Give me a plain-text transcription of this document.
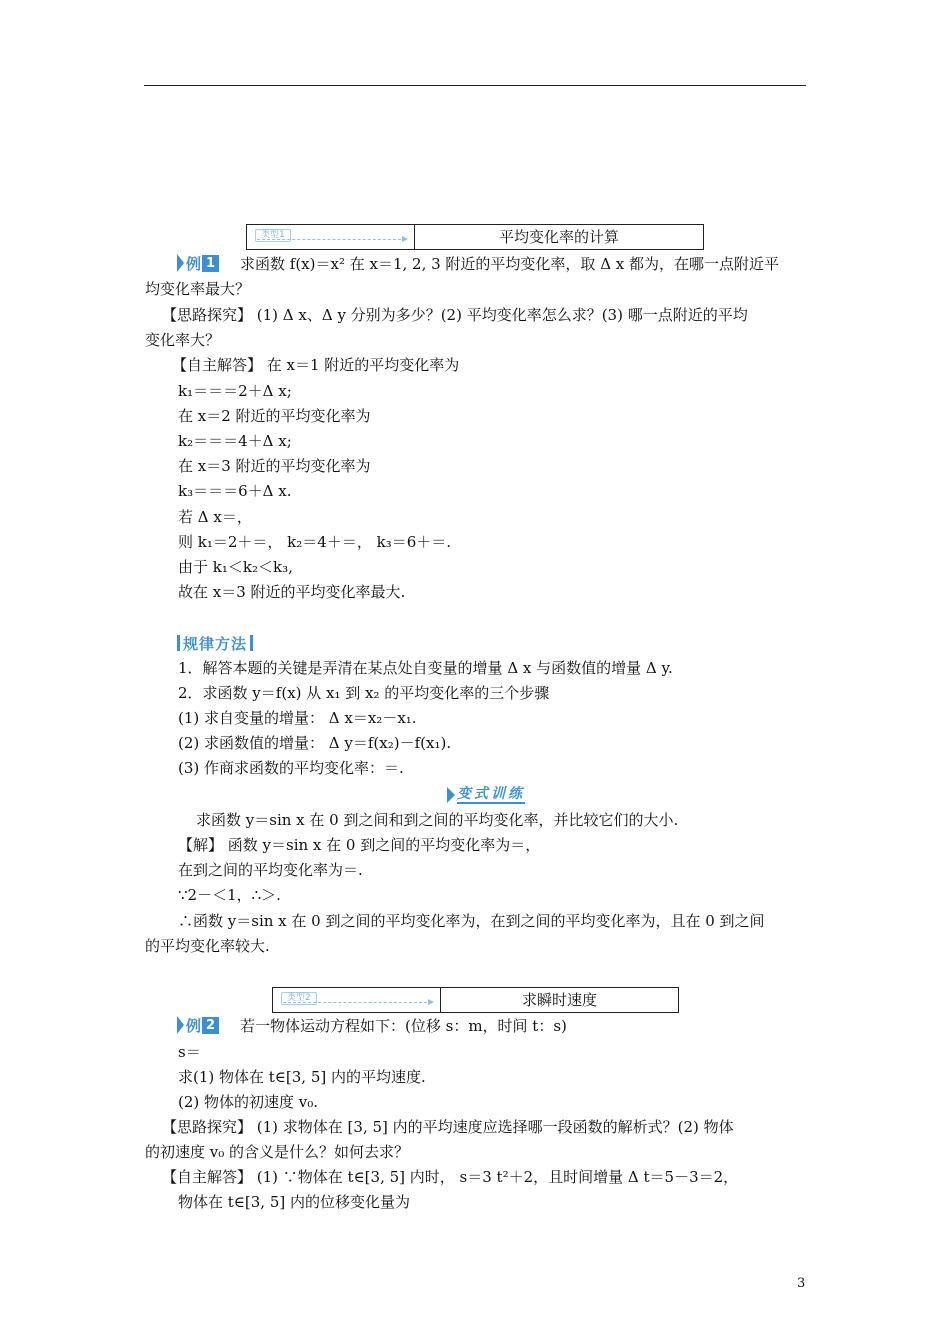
类型1	平均变化率的计算
例 1 求函数 f(x)＝x² 在 x＝1, 2, 3 附近的平均变化率，取 Δ x 都为，在哪一点附近平
均变化率最大？
【思路探究】 (1) Δ x、Δ y 分别为多少？(2) 平均变化率怎么求？(3) 哪一点附近的平均
变化率大？
【自主解答】 在 x＝1 附近的平均变化率为
k₁＝＝＝2＋Δ x;
在 x＝2 附近的平均变化率为
k₂＝＝＝4＋Δ x;
在 x＝3 附近的平均变化率为
k₃＝＝＝6＋Δ x.
若 Δ x＝，
则 k₁＝2＋＝， k₂＝4＋＝， k₃＝6＋＝.
由于 k₁＜k₂＜k₃,
故在 x＝3 附近的平均变化率最大.
规律方法
1．解答本题的关键是弄清在某点处自变量的增量 Δ x 与函数值的增量 Δ y.
2．求函数 y＝f(x) 从 x₁ 到 x₂ 的平均变化率的三个步骤
(1) 求自变量的增量： Δ x＝x₂－x₁.
(2) 求函数值的增量： Δ y＝f(x₂)－f(x₁).
(3) 作商求函数的平均变化率：＝.
变式训练
求函数 y＝sin x 在 0 到之间和到之间的平均变化率，并比较它们的大小.
【解】 函数 y＝sin x 在 0 到之间的平均变化率为＝，
在到之间的平均变化率为＝.
∵2－＜1，∴＞.
∴函数 y＝sin x 在 0 到之间的平均变化率为，在到之间的平均变化率为，且在 0 到之间
的平均变化率较大.
类型2	求瞬时速度
例 2 若一物体运动方程如下：(位移 s：m，时间 t：s)
s＝
求(1) 物体在 t∈[3, 5] 内的平均速度.
(2) 物体的初速度 v₀.
【思路探究】 (1) 求物体在 [3, 5] 内的平均速度应选择哪一段函数的解析式？(2) 物体
的初速度 v₀ 的含义是什么？如何去求？
【自主解答】 (1) ∵物体在 t∈[3, 5] 内时， s＝3 t²＋2，且时间增量 Δ t＝5－3＝2，
物体在 t∈[3, 5] 内的位移变化量为
3
